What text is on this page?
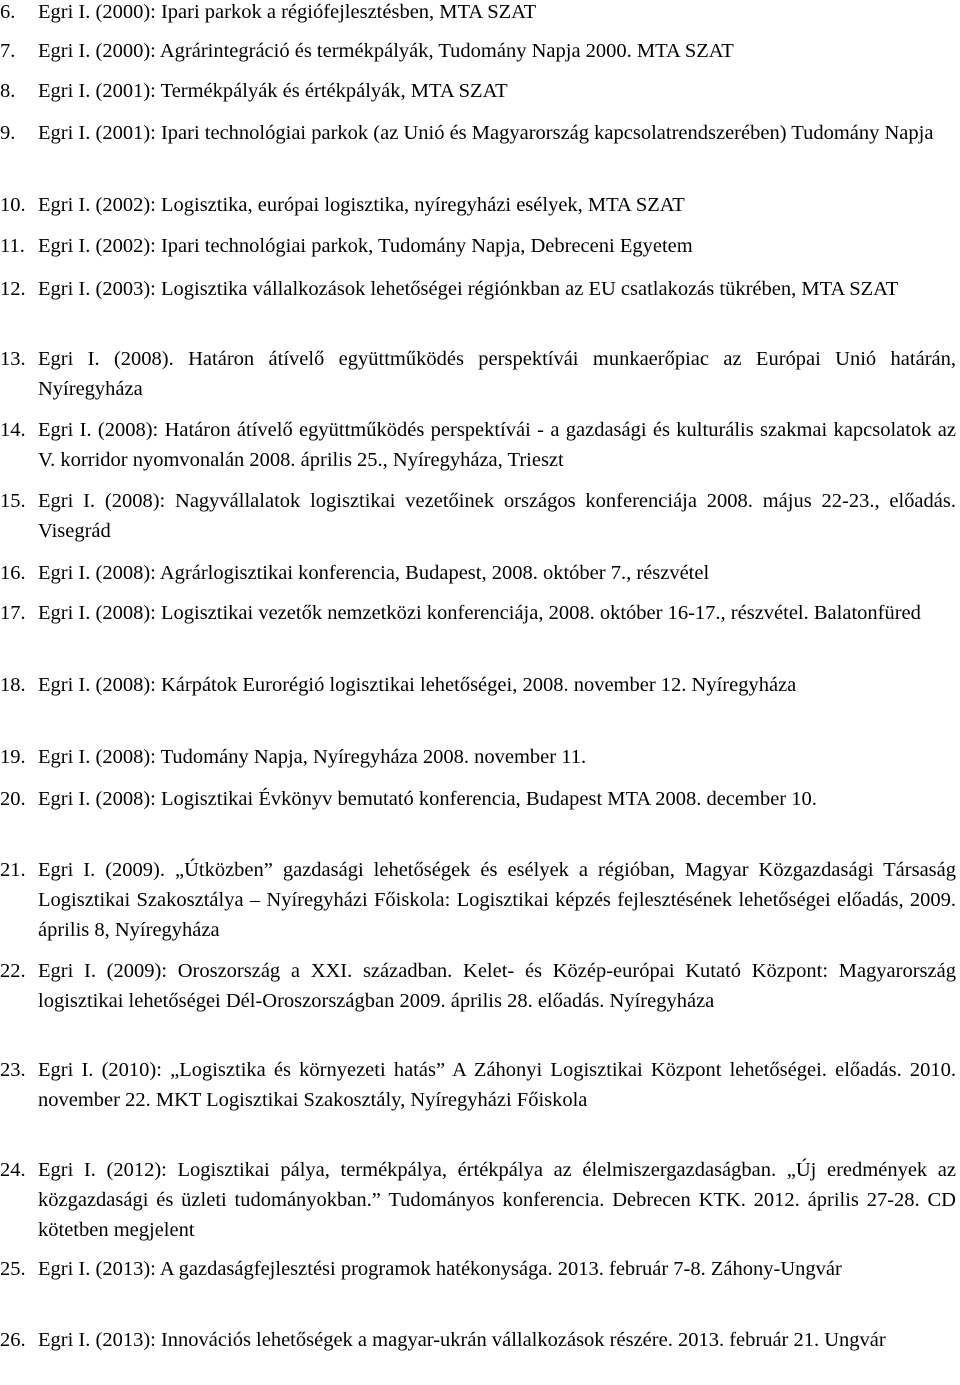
6.	Egri I. (2000): Ipari parkok a régiófejlesztésben, MTA SZAT
7.	Egri I. (2000): Agrárintegráció és termékpályák, Tudomány Napja 2000. MTA SZAT
8.	Egri I. (2001): Termékpályák és értékpályák, MTA SZAT
9.	Egri I. (2001): Ipari technológiai parkok (az Unió és Magyarország kapcsolatrendszerében) Tudomány Napja
10. Egri I. (2002): Logisztika, európai logisztika, nyíregyházi esélyek, MTA SZAT
11. Egri I. (2002): Ipari technológiai parkok, Tudomány Napja, Debreceni Egyetem
12. Egri I. (2003): Logisztika vállalkozások lehetőségei régiónkban az EU csatlakozás tükrében, MTA SZAT
13. Egri I. (2008). Határon átívelő együttműködés perspektívái munkaerőpiac az Európai Unió határán, Nyíregyháza
14. Egri I. (2008): Határon átívelő együttműködés perspektívái - a gazdasági és kulturális szakmai kapcsolatok az V. korridor nyomvonalán 2008. április 25., Nyíregyháza, Trieszt
15. Egri I. (2008): Nagyvállalatok logisztikai vezetőinek országos konferenciája 2008. május 22-23., előadás. Visegrád
16. Egri I. (2008): Agrárlogisztikai konferencia, Budapest, 2008. október 7., részvétel
17. Egri I. (2008): Logisztikai vezetők nemzetközi konferenciája, 2008. október 16-17., részvétel. Balatonfüred
18. Egri I. (2008): Kárpátok Eurorégió logisztikai lehetőségei, 2008. november 12. Nyíregyháza
19. Egri I. (2008): Tudomány Napja, Nyíregyháza 2008. november 11.
20. Egri I. (2008): Logisztikai Évkönyv bemutató konferencia, Budapest MTA 2008. december 10.
21. Egri I. (2009). „Útközben” gazdasági lehetőségek és esélyek a régióban, Magyar Közgazdasági Társaság Logisztikai Szakosztálya – Nyíregyházi Főiskola: Logisztikai képzés fejlesztésének lehetőségei előadás, 2009. április 8, Nyíregyháza
22. Egri I. (2009): Oroszország a XXI. században. Kelet- és Közép-európai Kutató Központ: Magyarország logisztikai lehetőségei Dél-Oroszországban 2009. április 28. előadás. Nyíregyháza
23. Egri I. (2010): „Logisztika és környezeti hatás” A Záhonyi Logisztikai Központ lehetőségei. előadás. 2010. november 22. MKT Logisztikai Szakosztály, Nyíregyházi Főiskola
24. Egri I. (2012): Logisztikai pálya, termékpálya, értékpálya az élelmiszergazdaságban. „Új eredmények az közgazdasági és üzleti tudományokban.” Tudományos konferencia. Debrecen KTK. 2012. április 27-28. CD kötetben megjelent
25. Egri I. (2013): A gazdaságfejlesztési programok hatékonysága. 2013. február 7-8. Záhony-Ungvár
26. Egri I. (2013): Innovációs lehetőségek a magyar-ukrán vállalkozások részére. 2013. február 21. Ungvár
